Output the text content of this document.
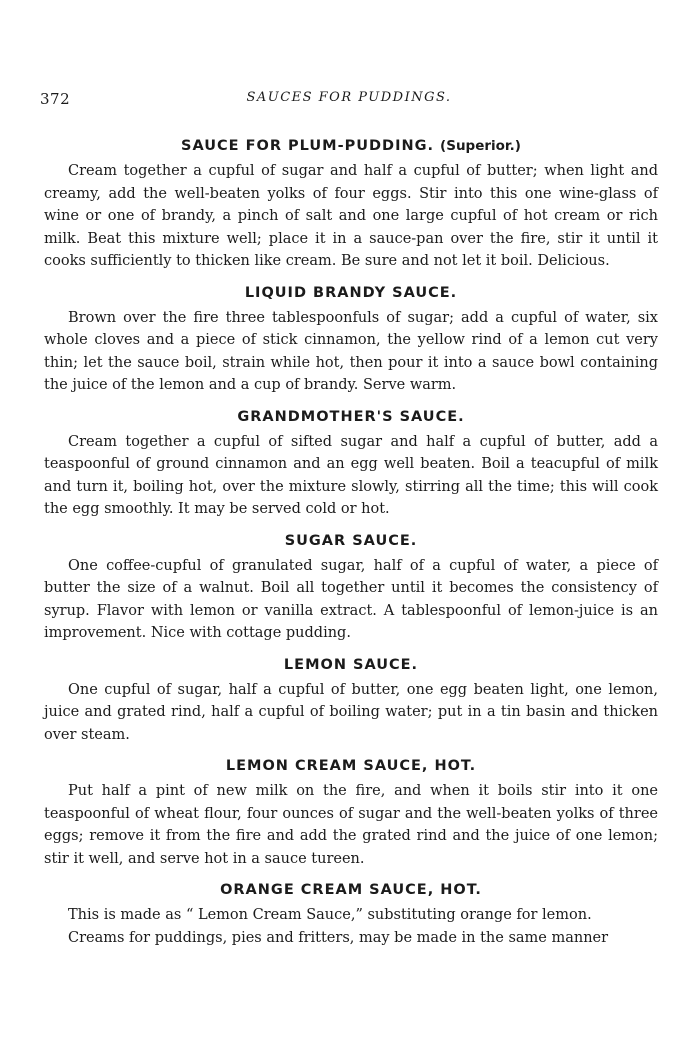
372	SAUCES FOR PUDDINGS.
SAUCE FOR PLUM-PUDDING. (Superior.)

Cream together a cupful of sugar and half a cupful of butter; when light and creamy, add the well-beaten yolks of four eggs. Stir into this one wine-glass of wine or one of brandy, a pinch of salt and one large cupful of hot cream or rich milk. Beat this mixture well; place it in a sauce-pan over the fire, stir it until it cooks sufficiently to thicken like cream. Be sure and not let it boil. Delicious.

LIQUID BRANDY SAUCE.

Brown over the fire three tablespoonfuls of sugar; add a cupful of water, six whole cloves and a piece of stick cinnamon, the yellow rind of a lemon cut very thin; let the sauce boil, strain while hot, then pour it into a sauce bowl containing the juice of the lemon and a cup of brandy. Serve warm.

GRANDMOTHER'S SAUCE.

Cream together a cupful of sifted sugar and half a cupful of butter, add a teaspoonful of ground cinnamon and an egg well beaten. Boil a teacupful of milk and turn it, boiling hot, over the mixture slowly, stirring all the time; this will cook the egg smoothly. It may be served cold or hot.

SUGAR SAUCE.

One coffee-cupful of granulated sugar, half of a cupful of water, a piece of butter the size of a walnut. Boil all together until it becomes the consistency of syrup. Flavor with lemon or vanilla extract. A tablespoonful of lemon-juice is an improvement. Nice with cottage pudding.

LEMON SAUCE.

One cupful of sugar, half a cupful of butter, one egg beaten light, one lemon, juice and grated rind, half a cupful of boiling water; put in a tin basin and thicken over steam.

LEMON CREAM SAUCE, HOT.

Put half a pint of new milk on the fire, and when it boils stir into it one teaspoonful of wheat flour, four ounces of sugar and the well-beaten yolks of three eggs; remove it from the fire and add the grated rind and the juice of one lemon; stir it well, and serve hot in a sauce tureen.

ORANGE CREAM SAUCE, HOT.

This is made as “ Lemon Cream Sauce,” substituting orange for lemon.

Creams for puddings, pies and fritters, may be made in the same manner
